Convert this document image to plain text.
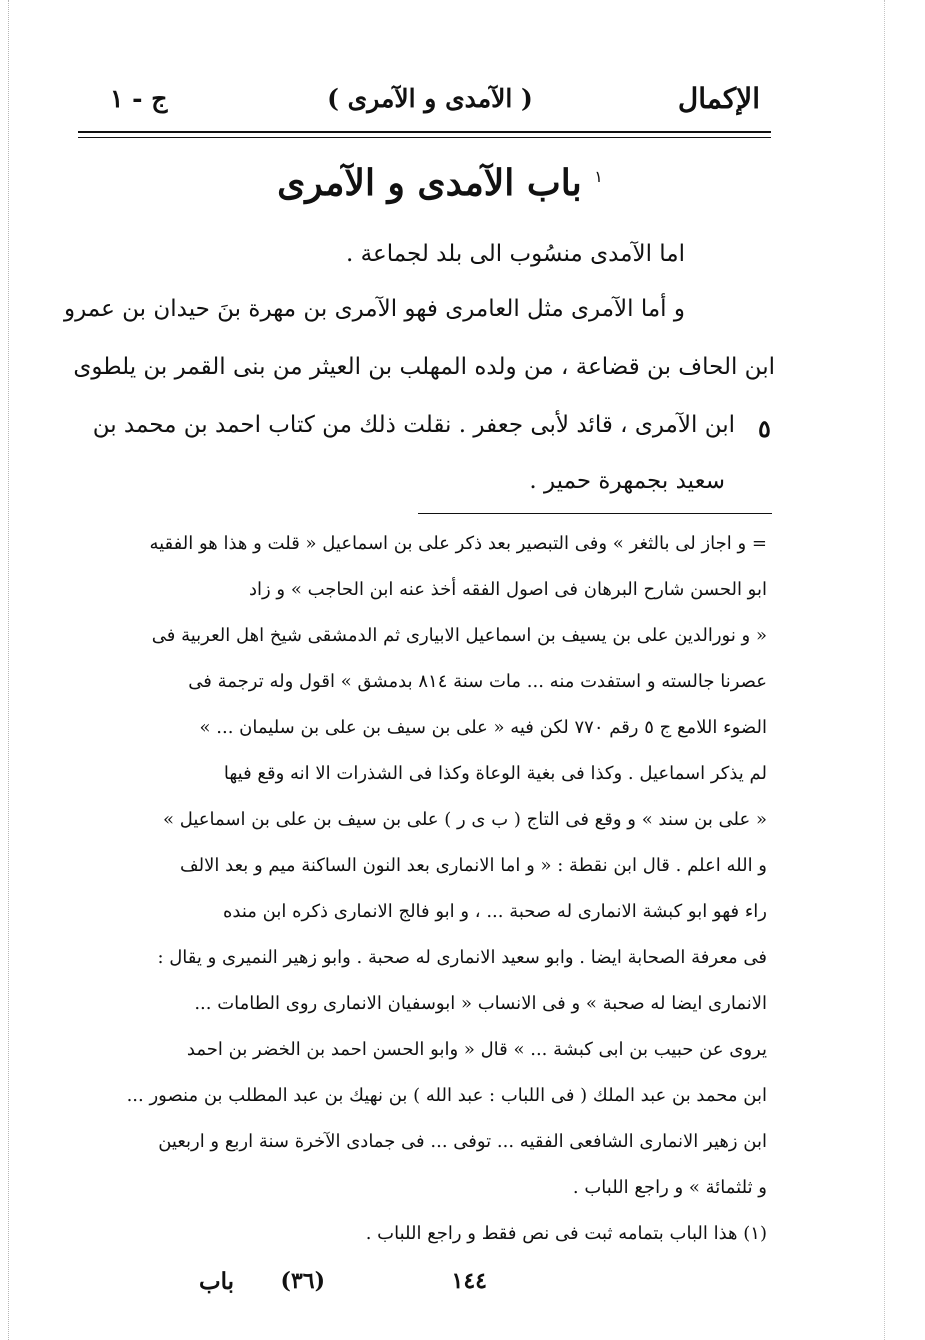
الإكمال
( الآمدى و الآمرى )
ج - ١
$^١$ باب الآمدى و الآمرى
اما الآمدى منسُوب الى بلد لجماعة .
و أما الآمرى مثل العامرى فهو الآمرى بن مهرة بنَ حيدان بن عمرو
ابن الحاف بن قضاعة ، من ولده المهلب بن العيثر من بنى القمر بن يلطوى
ابن الآمرى ، قائد لأبى جعفر . نقلت ذلك من كتاب احمد بن محمد بن
سعيد بجمهرة حمير .
٥
= و اجاز لى بالثغر » وفى التبصير بعد ذكر على بن اسماعيل « قلت و هذا هو الفقيه
ابو الحسن شارح البرهان فى اصول الفقه أخذ عنه ابن الحاجب » و زاد
« و نورالدين على بن يسيف بن اسماعيل الابيارى ثم الدمشقى شيخ اهل العربية فى
عصرنا جالسته و استفدت منه ... مات سنة ٨١٤ بدمشق » اقول وله ترجمة فى
الضوء اللامع ج ٥ رقم ٧٧٠ لكن فيه « على بن سيف بن على بن سليمان ... »
لم يذكر اسماعيل . وكذا فى بغية الوعاة وكذا فى الشذرات الا انه وقع فيها
« على بن سند » و وقع فى التاج ( ب ى ر ) على بن سيف بن على بن اسماعيل »
و الله اعلم . قال ابن نقطة : « و اما الانمارى بعد النون الساكنة ميم و بعد الالف
راء فهو ابو كبشة الانمارى له صحبة ... ، و ابو فالج الانمارى ذكره ابن منده
فى معرفة الصحابة ايضا . وابو سعيد الانمارى له صحبة . وابو زهير النميرى و يقال :
الانمارى ايضا له صحبة » و فى الانساب « ابوسفيان الانمارى روى الطامات ...
يروى عن حبيب بن ابى كبشة ... » قال « وابو الحسن احمد بن الخضر بن احمد
ابن محمد بن عبد الملك ( فى اللباب : عبد الله ) بن نهيك بن عبد المطلب بن منصور ...
ابن زهير الانمارى الشافعى الفقيه ... توفى ... فى جمادى الآخرة سنة اربع و اربعين
و ثلثمائة » و راجع اللباب .
(١) هذا الباب بتمامه ثبت فى نص فقط و راجع اللباب .
باب (٣٦)	١٤٤
